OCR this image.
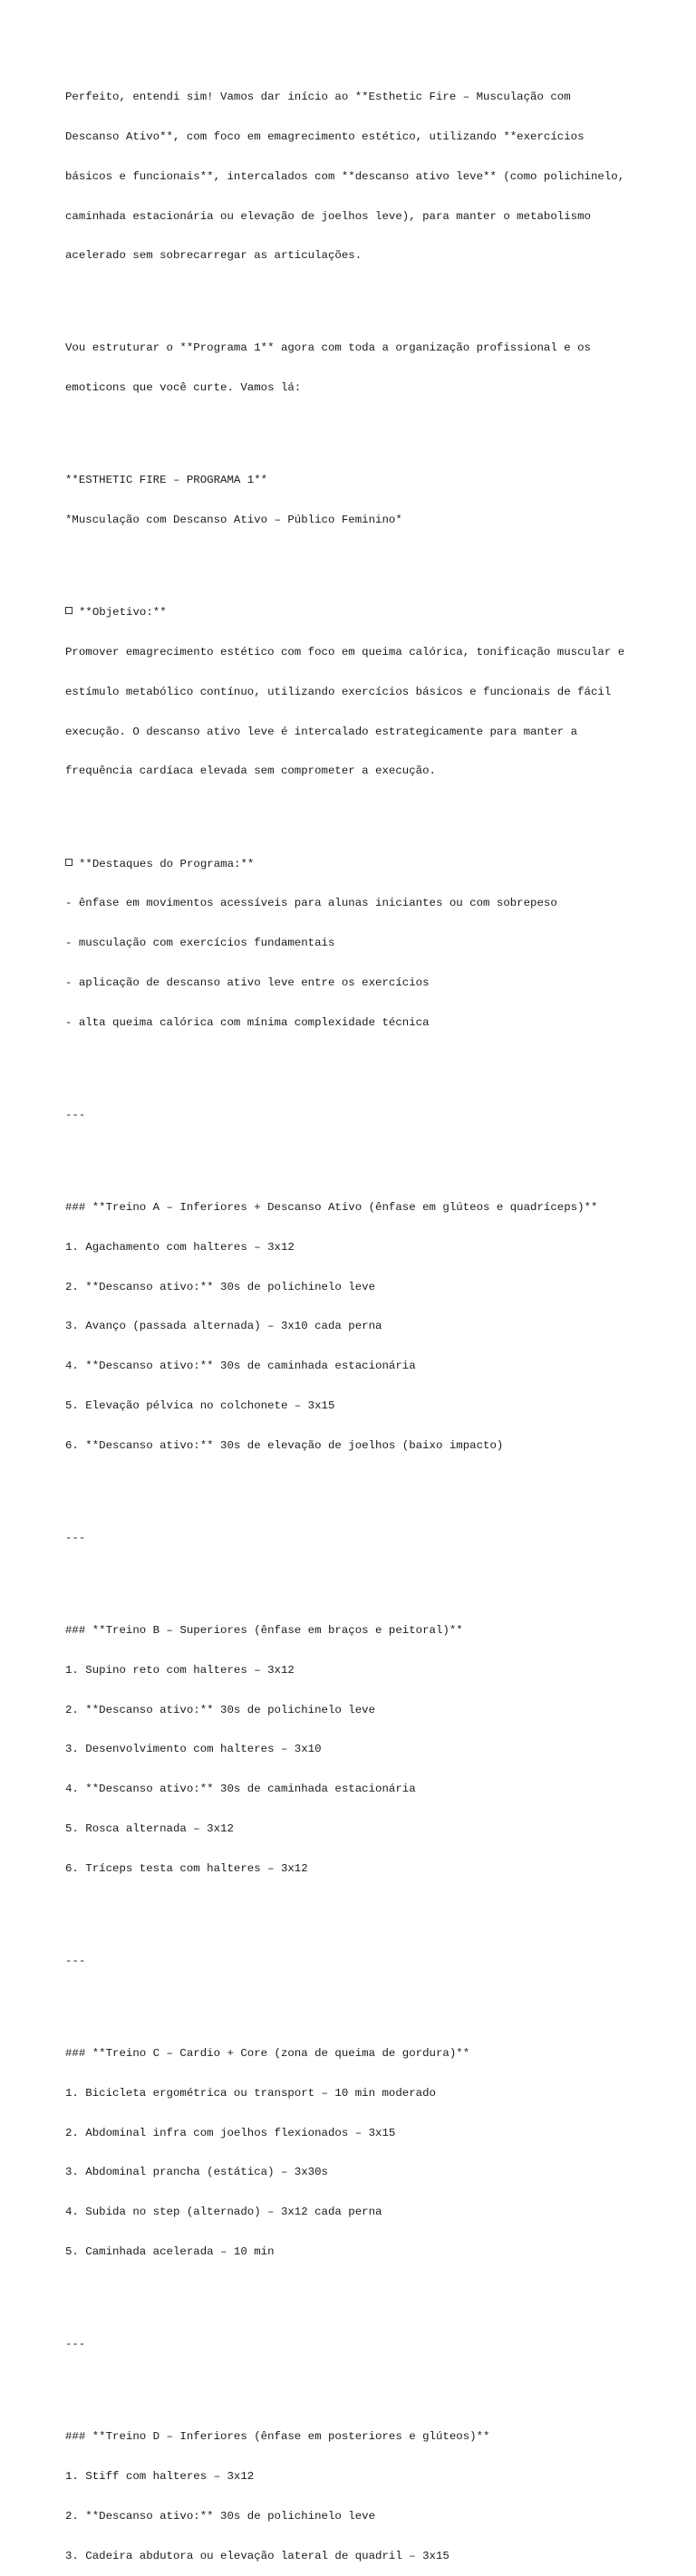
Perfeito, entendi sim! Vamos dar início ao **Esthetic Fire – Musculação com

Descanso Ativo**, com foco em emagrecimento estético, utilizando **exercícios

básicos e funcionais**, intercalados com **descanso ativo leve** (como polichinelo,

caminhada estacionária ou elevação de joelhos leve), para manter o metabolismo

acelerado sem sobrecarregar as articulações.

Vou estruturar o **Programa 1** agora com toda a organização profissional e os

emoticons que você curte. Vamos lá:

**ESTHETIC FIRE – PROGRAMA 1**

*Musculação com Descanso Ativo – Público Feminino*

**Objetivo:**

Promover emagrecimento estético com foco em queima calórica, tonificação muscular e

estímulo metabólico contínuo, utilizando exercícios básicos e funcionais de fácil

execução. O descanso ativo leve é intercalado estrategicamente para manter a

frequência cardíaca elevada sem comprometer a execução.

**Destaques do Programa:**

- ênfase em movimentos acessíveis para alunas iniciantes ou com sobrepeso

- musculação com exercícios fundamentais

- aplicação de descanso ativo leve entre os exercícios

- alta queima calórica com mínima complexidade técnica

---

### **Treino A – Inferiores + Descanso Ativo (ênfase em glúteos e quadríceps)**

1. Agachamento com halteres – 3x12

2. **Descanso ativo:** 30s de polichinelo leve

3. Avanço (passada alternada) – 3x10 cada perna

4. **Descanso ativo:** 30s de caminhada estacionária

5. Elevação pélvica no colchonete – 3x15

6. **Descanso ativo:** 30s de elevação de joelhos (baixo impacto)

---

### **Treino B – Superiores (ênfase em braços e peitoral)**

1. Supino reto com halteres – 3x12

2. **Descanso ativo:** 30s de polichinelo leve

3. Desenvolvimento com halteres – 3x10

4. **Descanso ativo:** 30s de caminhada estacionária

5. Rosca alternada – 3x12

6. Tríceps testa com halteres – 3x12

---

### **Treino C – Cardio + Core (zona de queima de gordura)**

1. Bicicleta ergométrica ou transport – 10 min moderado

2. Abdominal infra com joelhos flexionados – 3x15

3. Abdominal prancha (estática) – 3x30s

4. Subida no step (alternado) – 3x12 cada perna

5. Caminhada acelerada – 10 min

---

### **Treino D – Inferiores (ênfase em posteriores e glúteos)**

1. Stiff com halteres – 3x12

2. **Descanso ativo:** 30s de polichinelo leve

3. Cadeira abdutora ou elevação lateral de quadril – 3x15
